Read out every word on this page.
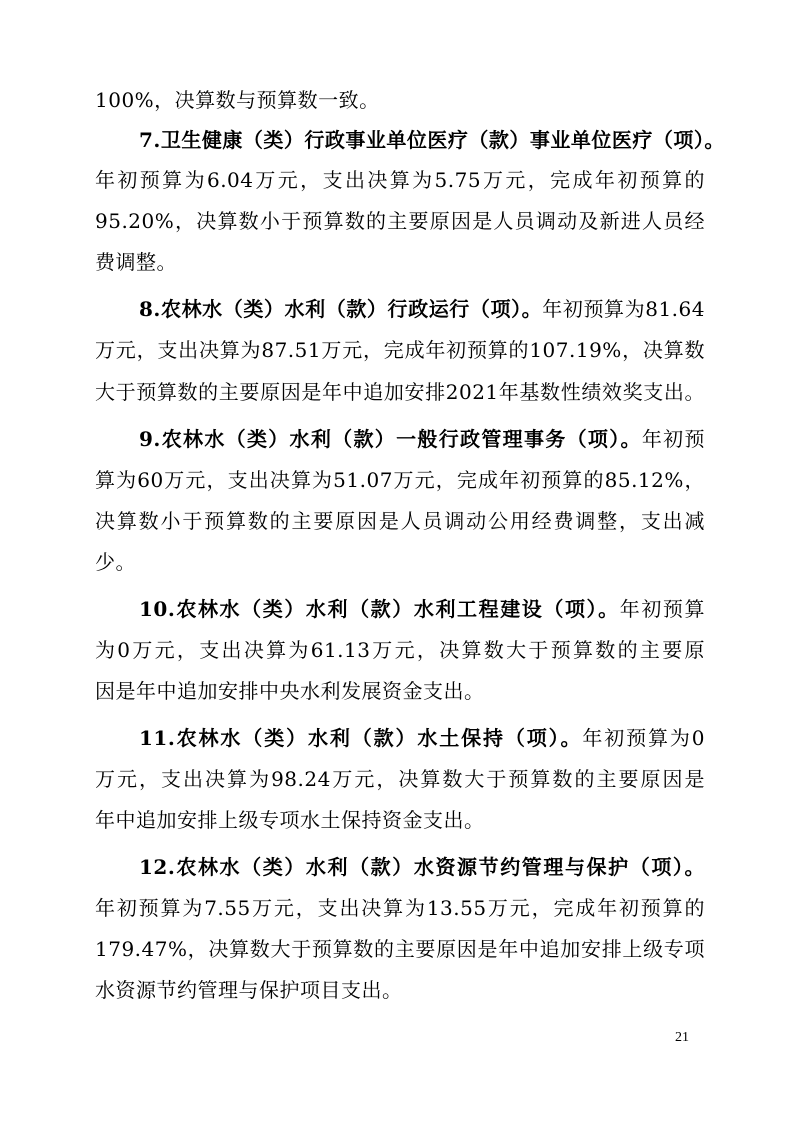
100%，决算数与预算数一致。
7.卫生健康（类）行政事业单位医疗（款）事业单位医疗（项）。
年初预算为6.04万元，支出决算为5.75万元，完成年初预算的
95.20%，决算数小于预算数的主要原因是人员调动及新进人员经
费调整。
8.农林水（类）水利（款）行政运行（项）。年初预算为81.64
万元，支出决算为87.51万元，完成年初预算的107.19%，决算数
大于预算数的主要原因是年中追加安排2021年基数性绩效奖支出。
9.农林水（类）水利（款）一般行政管理事务（项）。年初预
算为60万元，支出决算为51.07万元，完成年初预算的85.12%，
决算数小于预算数的主要原因是人员调动公用经费调整，支出减
少。
10.农林水（类）水利（款）水利工程建设（项）。年初预算
为0万元，支出决算为61.13万元，决算数大于预算数的主要原
因是年中追加安排中央水利发展资金支出。
11.农林水（类）水利（款）水土保持（项）。年初预算为0
万元，支出决算为98.24万元，决算数大于预算数的主要原因是
年中追加安排上级专项水土保持资金支出。
12.农林水（类）水利（款）水资源节约管理与保护（项）。
年初预算为7.55万元，支出决算为13.55万元，完成年初预算的
179.47%，决算数大于预算数的主要原因是年中追加安排上级专项
水资源节约管理与保护项目支出。
21
